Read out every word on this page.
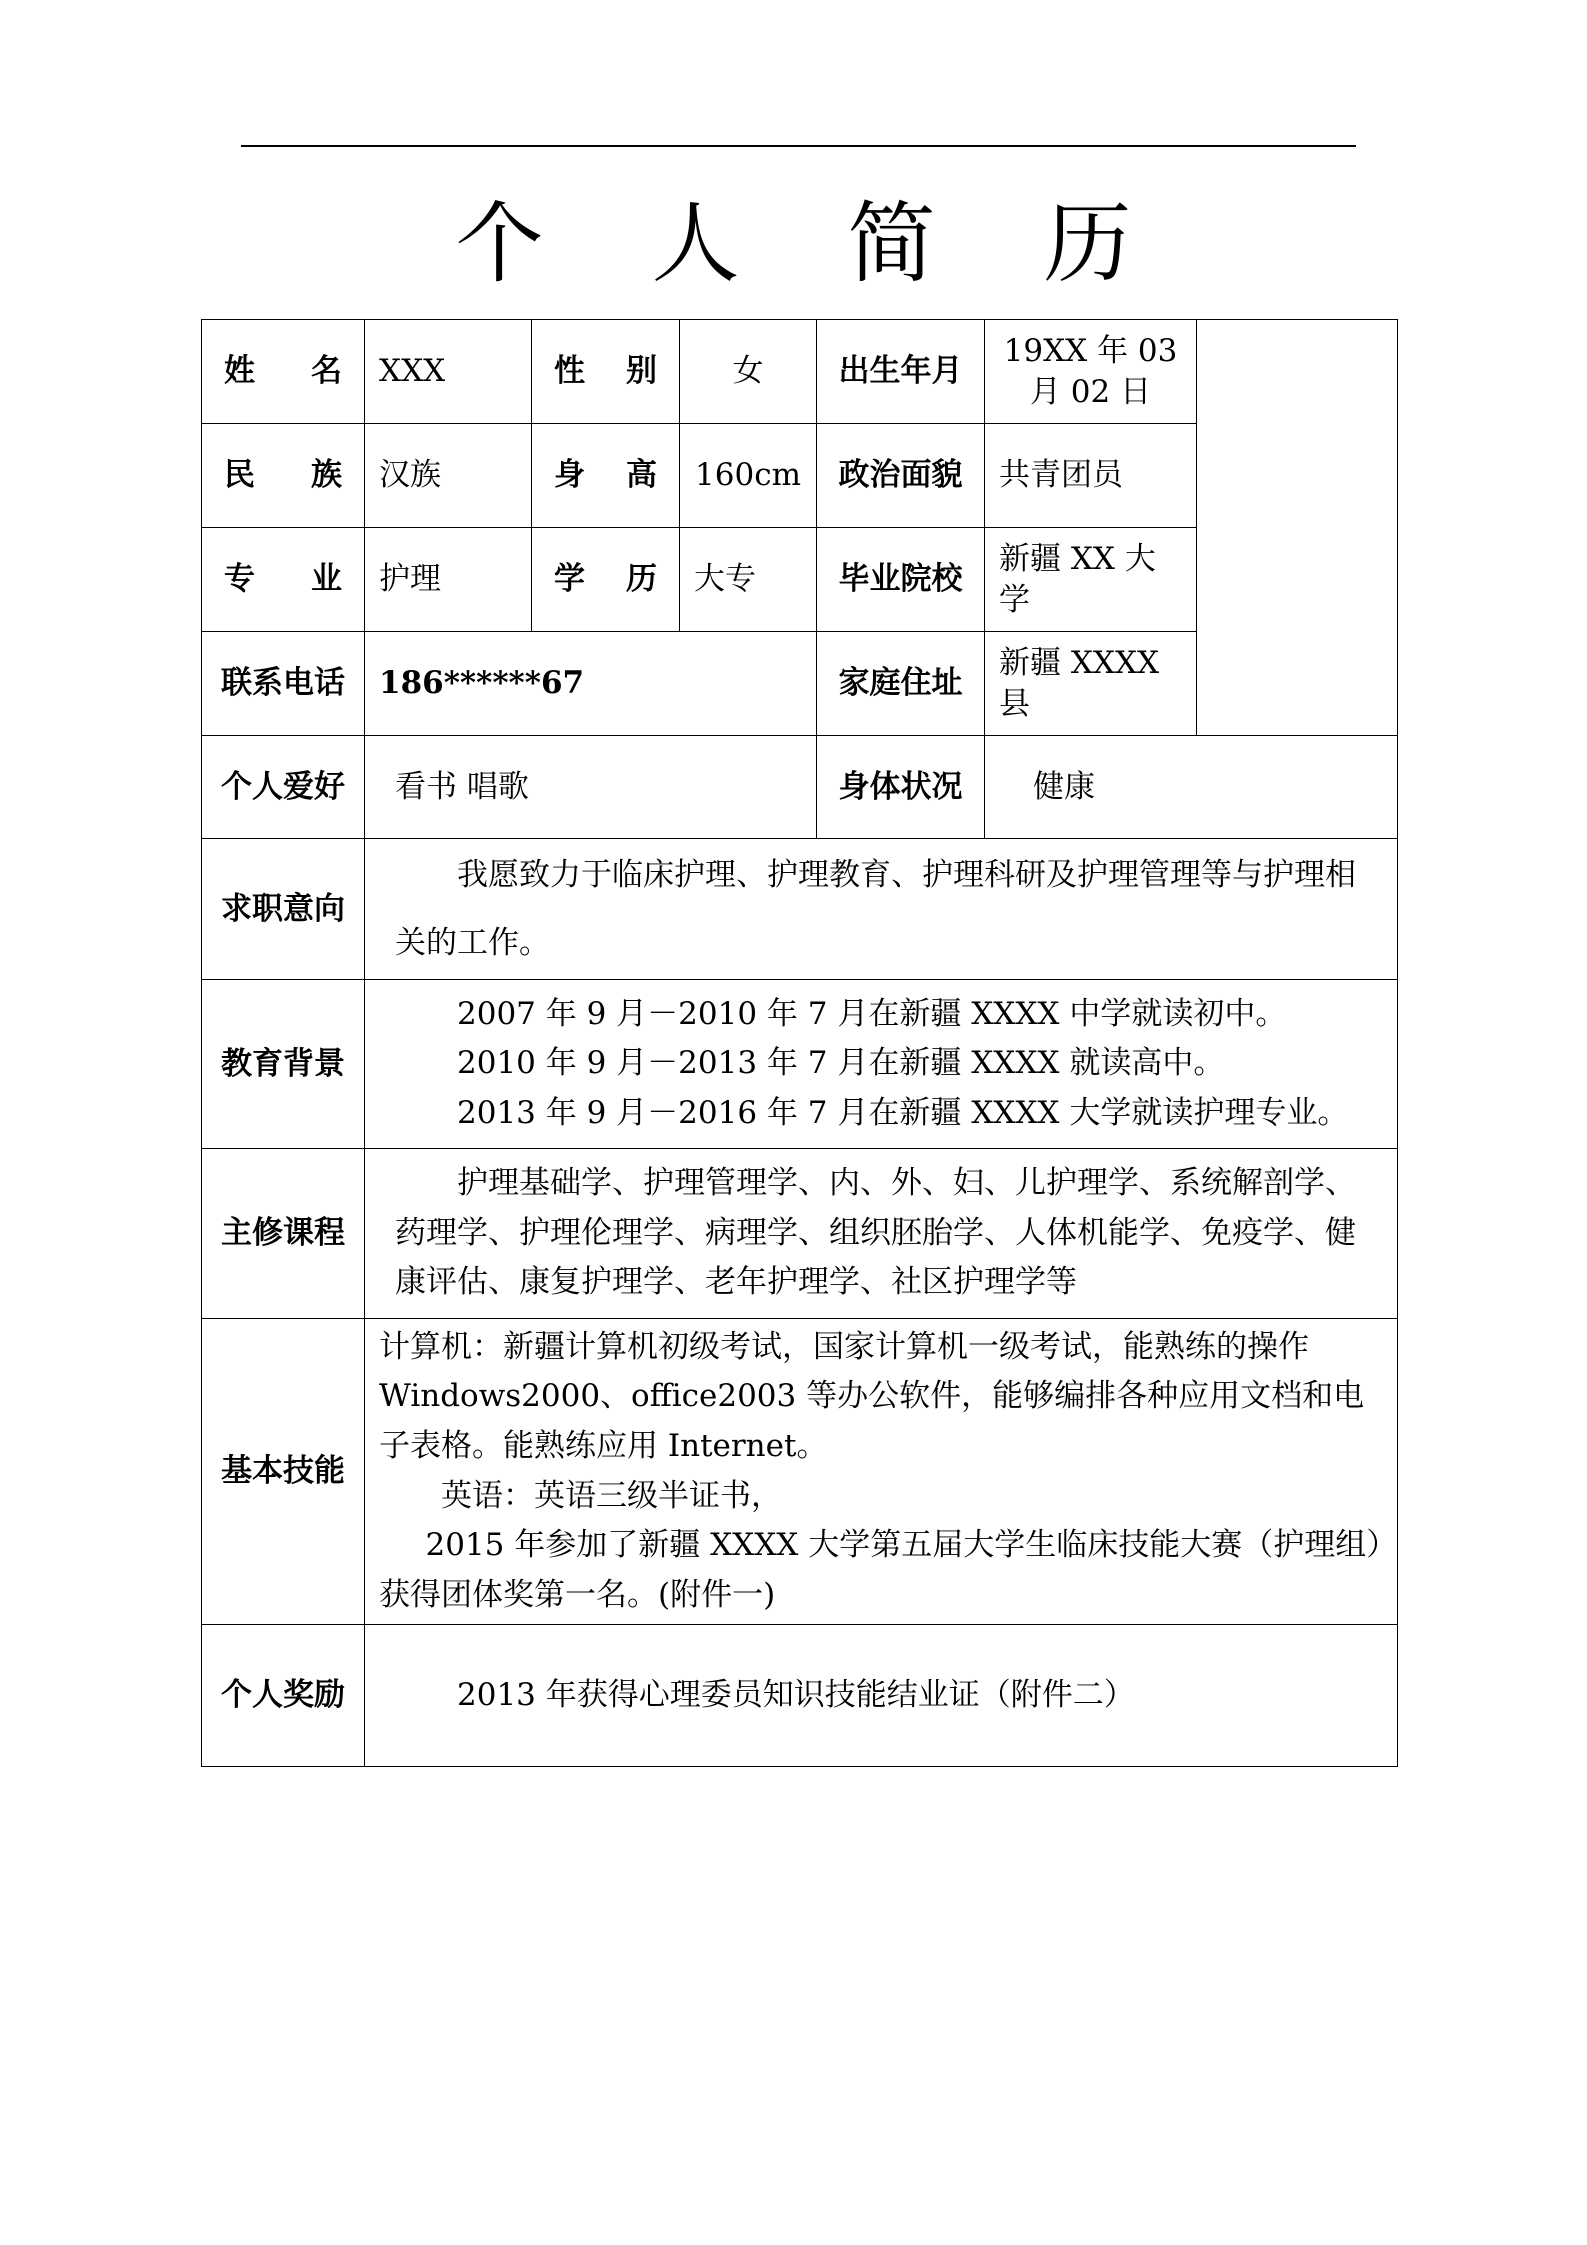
个 人 简 历
姓　名	XXX	性　别	女	出生年月	19XX 年 03
月 02 日	

民　族	汉族	身　高	160cm	政治面貌	共青团员	
专　业	护理	学　历	大专	毕业院校	新疆 XX 大学	
联系电话	186******67			家庭住址	新疆 XXXX 县	
个人爱好	看书 唱歌			身体状况	健康	
求职意向	我愿致力于临床护理、护理教育、护理科研及护理管理等与护理相关的工作。					
教育背景	2007 年 9 月－2010 年 7 月在新疆 XXXX 中学就读初中。
2010 年 9 月－2013 年 7 月在新疆 XXXX 就读高中。
2013 年 9 月－2016 年 7 月在新疆 XXXX 大学就读护理专业。					

主修课程	护理基础学、护理管理学、内、外、妇、儿护理学、系统解剖学、药理学、护理伦理学、病理学、组织胚胎学、人体机能学、免疫学、健康评估、康复护理学、老年护理学、社区护理学等					
基本技能	计算机：新疆计算机初级考试，国家计算机一级考试，能熟练的操作Windows2000、office2003 等办公软件，能够编排各种应用文档和电子表格。能熟练应用 Internet。
英语：英语三级半证书，
2015 年参加了新疆 XXXX 大学第五届大学生临床技能大赛（护理组）获得团体奖第一名。(附件一)					

个人奖励	2013 年获得心理委员知识技能结业证（附件二）					
